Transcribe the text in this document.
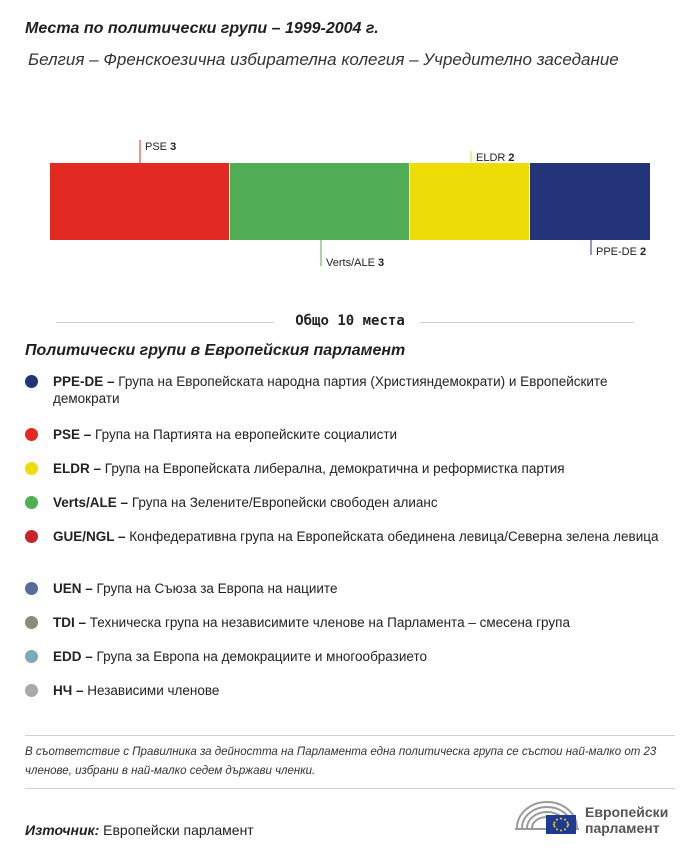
Места по политически групи – 1999-2004 г.
Белгия – Френскоезична избирателна колегия – Учредително заседание
PSE 3
Verts/ALE 3
ELDR 2
PPE-DE 2
Общо 10 места
Политически групи в Европейския парламент
PPE-DE – Група на Европейската народна партия (Християндемократи) и Европейските демократи
PSE – Група на Партията на европейските социалисти
ELDR – Група на Европейската либерална, демократична и реформистка партия
Verts/ALE – Група на Зелените/Европейски свободен алианс
GUE/NGL – Конфедеративна група на Европейската обединена левица/Северна зелена левица
UEN – Група на Съюза за Европа на нациите
TDI – Техническа група на независимите членове на Парламента – смесена група
EDD – Група за Европа на демокрациите и многообразието
НЧ – Независими членове
В съответствие с Правилника за дейността на Парламента една политическа група се състои най-малко от 23 членове, избрани в най-малко седем държави членки.
Източник: Европейски парламент
Европейски
парламент
